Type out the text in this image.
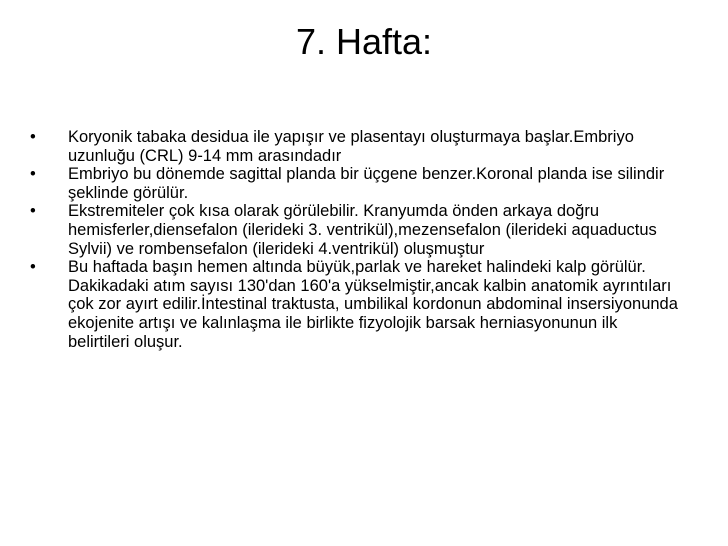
7. Hafta:
•	Koryonik tabaka desidua ile yapışır ve plasentayı oluşturmaya başlar.Embriyo uzunluğu (CRL) 9-14 mm arasındadır
•	Embriyo bu dönemde sagittal planda bir üçgene benzer.Koronal planda ise silindir şeklinde görülür.
•	Ekstremiteler çok kısa olarak görülebilir. Kranyumda önden arkaya doğru hemisferler,diensefalon (ilerideki 3. ventrikül),mezensefalon (ilerideki aquaductus Sylvii) ve rombensefalon (ilerideki 4.ventrikül) oluşmuştur
•	Bu haftada başın hemen altında büyük,parlak ve hareket halindeki kalp görülür. Dakikadaki atım sayısı 130'dan 160'a yükselmiştir,ancak kalbin anatomik ayrıntıları çok zor ayırt edilir.İntestinal traktusta, umbilikal kordonun abdominal insersiyonunda ekojenite artışı ve kalınlaşma ile birlikte fizyolojik barsak herniasyonunun ilk belirtileri oluşur.
